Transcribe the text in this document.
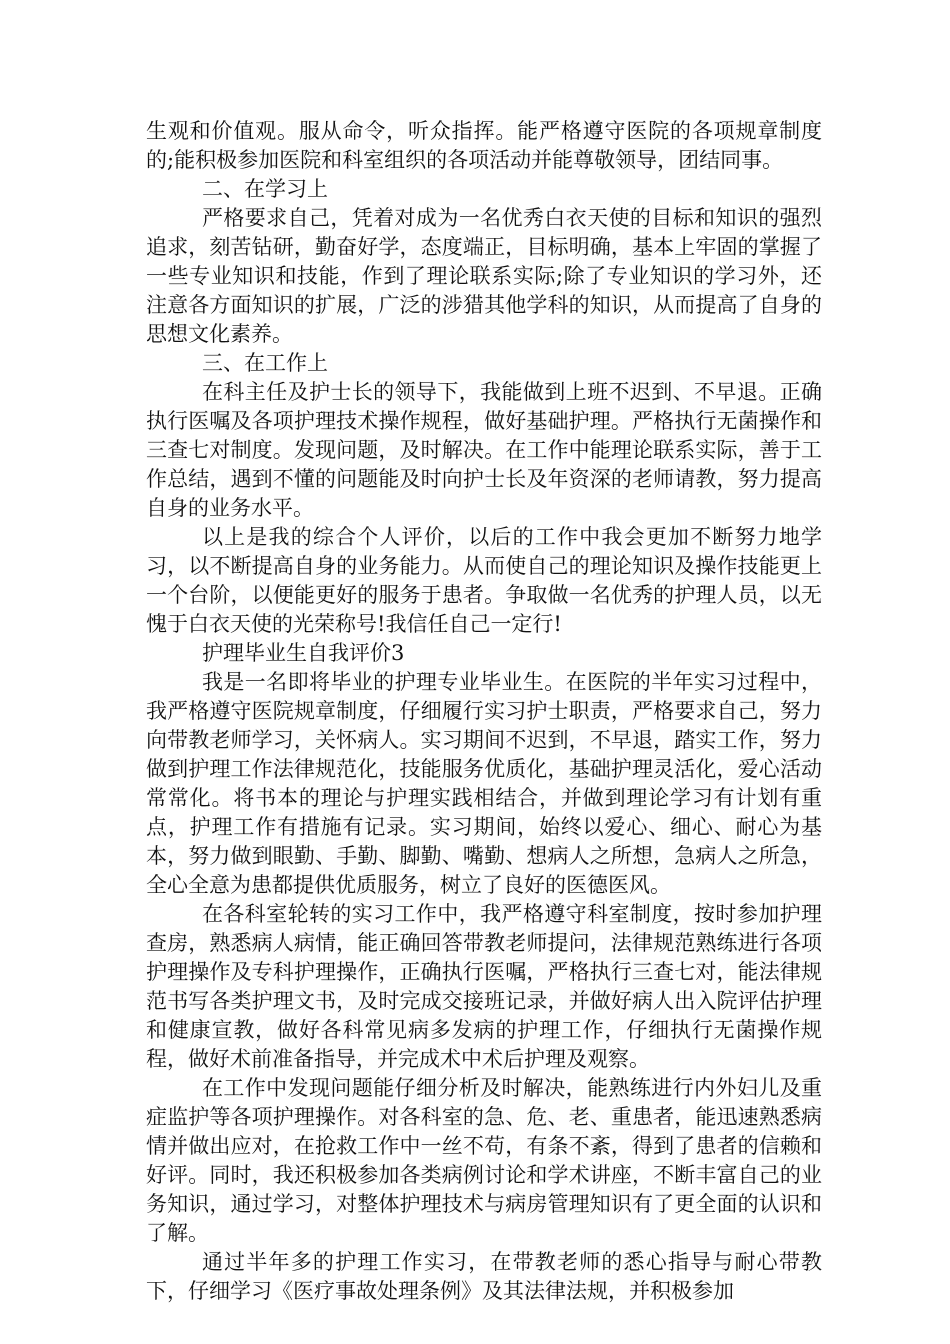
生观和价值观。服从命令，听众指挥。能严格遵守医院的各项规章制度的;能积极参加医院和科室组织的各项活动并能尊敬领导，团结同事。

二、在学习上

严格要求自己，凭着对成为一名优秀白衣天使的目标和知识的强烈追求，刻苦钻研，勤奋好学，态度端正，目标明确，基本上牢固的掌握了一些专业知识和技能，作到了理论联系实际;除了专业知识的学习外，还注意各方面知识的扩展，广泛的涉猎其他学科的知识，从而提高了自身的思想文化素养。

三、在工作上

在科主任及护士长的领导下，我能做到上班不迟到、不早退。正确执行医嘱及各项护理技术操作规程，做好基础护理。严格执行无菌操作和三查七对制度。发现问题，及时解决。在工作中能理论联系实际，善于工作总结，遇到不懂的问题能及时向护士长及年资深的老师请教，努力提高自身的业务水平。

以上是我的综合个人评价，以后的工作中我会更加不断努力地学习，以不断提高自身的业务能力。从而使自己的理论知识及操作技能更上一个台阶，以便能更好的服务于患者。争取做一名优秀的护理人员，以无愧于白衣天使的光荣称号!我信任自己一定行!

护理毕业生自我评价3

我是一名即将毕业的护理专业毕业生。在医院的半年实习过程中，我严格遵守医院规章制度，仔细履行实习护士职责，严格要求自己，努力向带教老师学习，关怀病人。实习期间不迟到，不早退，踏实工作，努力做到护理工作法律规范化，技能服务优质化，基础护理灵活化，爱心活动常常化。将书本的理论与护理实践相结合，并做到理论学习有计划有重点，护理工作有措施有记录。实习期间，始终以爱心、细心、耐心为基本，努力做到眼勤、手勤、脚勤、嘴勤、想病人之所想，急病人之所急，全心全意为患都提供优质服务，树立了良好的医德医风。

在各科室轮转的实习工作中，我严格遵守科室制度，按时参加护理查房，熟悉病人病情，能正确回答带教老师提问，法律规范熟练进行各项护理操作及专科护理操作，正确执行医嘱，严格执行三查七对，能法律规范书写各类护理文书，及时完成交接班记录，并做好病人出入院评估护理和健康宣教，做好各科常见病多发病的护理工作，仔细执行无菌操作规程，做好术前准备指导，并完成术中术后护理及观察。

在工作中发现问题能仔细分析及时解决，能熟练进行内外妇儿及重症监护等各项护理操作。对各科室的急、危、老、重患者，能迅速熟悉病情并做出应对，在抢救工作中一丝不苟，有条不紊，得到了患者的信赖和好评。同时，我还积极参加各类病例讨论和学术讲座，不断丰富自己的业务知识，通过学习，对整体护理技术与病房管理知识有了更全面的认识和了解。

通过半年多的护理工作实习，在带教老师的悉心指导与耐心带教下，仔细学习《医疗事故处理条例》及其法律法规，并积极参加
